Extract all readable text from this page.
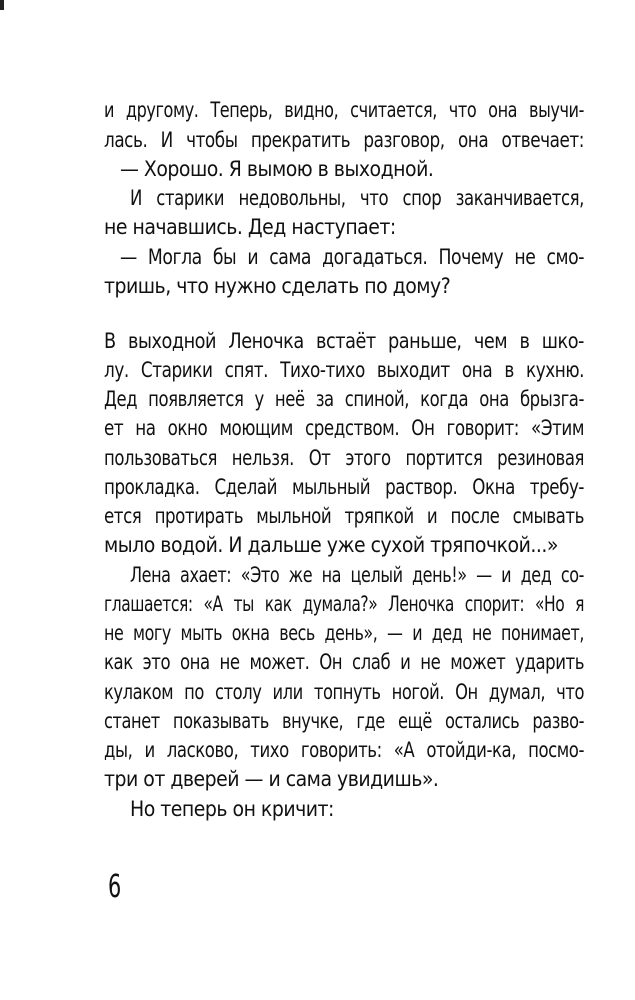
и другому. Теперь, видно, считается, что она выучи-
лась. И чтобы прекратить разговор, она отвечает:
— Хорошо. Я вымою в выходной.
И старики недовольны, что спор заканчивается,
не начавшись. Дед наступает:
— Могла бы и сама догадаться. Почему не смо-
тришь, что нужно сделать по дому?
В выходной Леночка встаёт раньше, чем в шко-
лу. Старики спят. Тихо-тихо выходит она в кухню.
Дед появляется у неё за спиной, когда она брызга-
ет на окно моющим средством. Он говорит: «Этим
пользоваться нельзя. От этого портится резиновая
прокладка. Сделай мыльный раствор. Окна требу-
ется протирать мыльной тряпкой и после смывать
мыло водой. И дальше уже сухой тряпочкой...»
Лена ахает: «Это же на целый день!» — и дед со-
глашается: «А ты как думала?» Леночка спорит: «Но я
не могу мыть окна весь день», — и дед не понимает,
как это она не может. Он слаб и не может ударить
кулаком по столу или топнуть ногой. Он думал, что
станет показывать внучке, где ещё остались разво-
ды, и ласково, тихо говорить: «А отойди-ка, посмо-
три от дверей — и сама увидишь».
Но теперь он кричит:
6
